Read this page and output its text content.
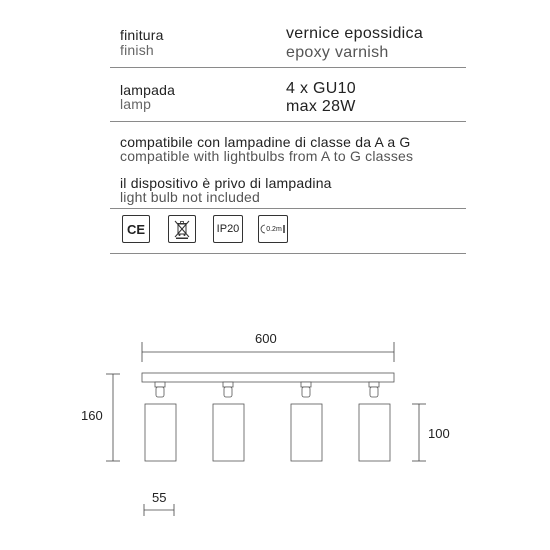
finitura
finish
vernice epossidica
epoxy varnish
lampada
lamp
4 x GU10
max 28W
compatibile con lampadine di classe da A a G
compatible with lightbulbs from A to G classes
il dispositivo è privo di lampadina
light bulb not included
CE	IP20	0.2m
600
160
100
55
